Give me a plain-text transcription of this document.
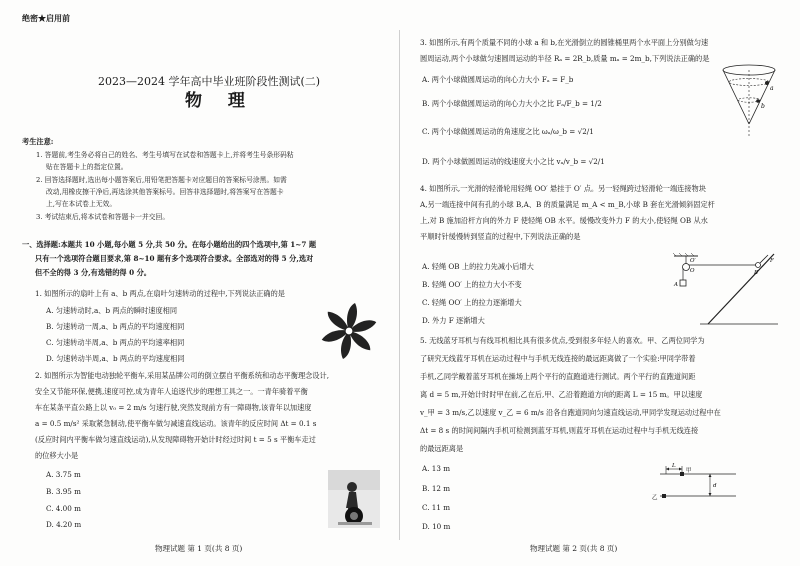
绝密★启用前
2023—2024 学年高中毕业班阶段性测试(二)
物 理
考生注意:
1. 答题前,考生务必将自己的姓名、考生号填写在试卷和答题卡上,并将考生号条形码粘
贴在答题卡上的指定位置。
2. 回答选择题时,选出每小题答案后,用铅笔把答题卡对应题目的答案标号涂黑。如需
改动,用橡皮擦干净后,再选涂其他答案标号。回答非选择题时,将答案写在答题卡
上,写在本试卷上无效。
3. 考试结束后,将本试卷和答题卡一并交回。
一、选择题:本题共 10 小题,每小题 5 分,共 50 分。在每小题给出的四个选项中,第 1~7 题
只有一个选项符合题目要求,第 8~10 题有多个选项符合要求。全部选对的得 5 分,选对
但不全的得 3 分,有选错的得 0 分。
1. 如图所示的扇叶上有 a、b 两点,在扇叶匀速转动的过程中,下列说法正确的是
A. 匀速转动时,a、b 两点的瞬时速度相同
B. 匀速转动一周,a、b 两点的平均速度相同
C. 匀速转动半周,a、b 两点的平均速率相同
D. 匀速转动半周,a、b 两点的平均速度相同
2. 如图所示为智能电动独轮平衡车,采用某品牌公司的倒立摆自平衡系统和动态平衡理念设计,
安全又节能环保,便携,速度可控,成为青年人追逐代步的理想工具之一。一青年骑着平衡
车在某条平直公路上以 v₀ = 2 m/s 匀速行驶,突然发现前方有一障碍物,该青年以加速度
a = 0.5 m/s² 采取紧急制动,使平衡车做匀减速直线运动。该青年的反应时间 Δt = 0.1 s
(反应时间内平衡车做匀速直线运动),从发现障碍物开始计时经过时间 t = 5 s 平衡车走过
的位移大小是
A. 3.75 m
B. 3.95 m
C. 4.00 m
D. 4.20 m
物理试题 第 1 页(共 8 页)
3. 如图所示,有两个质量不同的小球 a 和 b,在光滑倒立的圆锥桶里两个水平面上分别做匀速
圆周运动,两个小球做匀速圆周运动的半径 Rₐ = 2R_b,质量 mₐ = 2m_b,下列说法正确的是
A. 两个小球做圆周运动的向心力大小 Fₐ = F_b
B. 两个小球做圆周运动的向心力大小之比 Fₐ/F_b = 1/2
C. 两个小球做圆周运动的角速度之比 ωₐ/ω_b = √2/1
D. 两个小球做圆周运动的线速度大小之比 vₐ/v_b = √2/1
a
b
4. 如图所示,一光滑的轻滑轮用轻绳 OO′ 悬挂于 O′ 点。另一轻绳跨过轻滑轮一端连接物块
A,另一端连接中间有孔的小球 B,A、B 的质量满足 m_A < m_B,小球 B 套在光滑倾斜固定杆
上,对 B 施加沿杆方向的外力 F 使轻绳 OB 水平。缓慢改变外力 F 的大小,使轻绳 OB 从水
平顺时针缓慢转到竖直的过程中,下列说法正确的是
A. 轻绳 OB 上的拉力先减小后增大
B. 轻绳 OO′ 上的拉力大小不变
C. 轻绳 OO′ 上的拉力逐渐增大
D. 外力 F 逐渐增大
O′
O
A
B
F
5. 无线蓝牙耳机与有线耳机相比具有很多优点,受到很多年轻人的喜欢。甲、乙两位同学为
了研究无线蓝牙耳机在运动过程中与手机无线连接的最远距离做了一个实验:甲同学带着
手机,乙同学戴着蓝牙耳机在操场上两个平行的直跑道进行测试。两个平行的直跑道间距
离 d = 5 m,开始计时时甲在前,乙在后,甲、乙沿着跑道方向的距离 L = 15 m。甲以速度
v_甲 = 3 m/s,乙以速度 v_乙 = 6 m/s 沿各自跑道同向匀速直线运动,甲同学发现运动过程中在
Δt = 8 s 的时间间隔内手机可检测到蓝牙耳机,则蓝牙耳机在运动过程中与手机无线连接
的最远距离是
A. 13 m
B. 12 m
C. 11 m
D. 10 m
L
甲
乙
d
物理试题 第 2 页(共 8 页)
